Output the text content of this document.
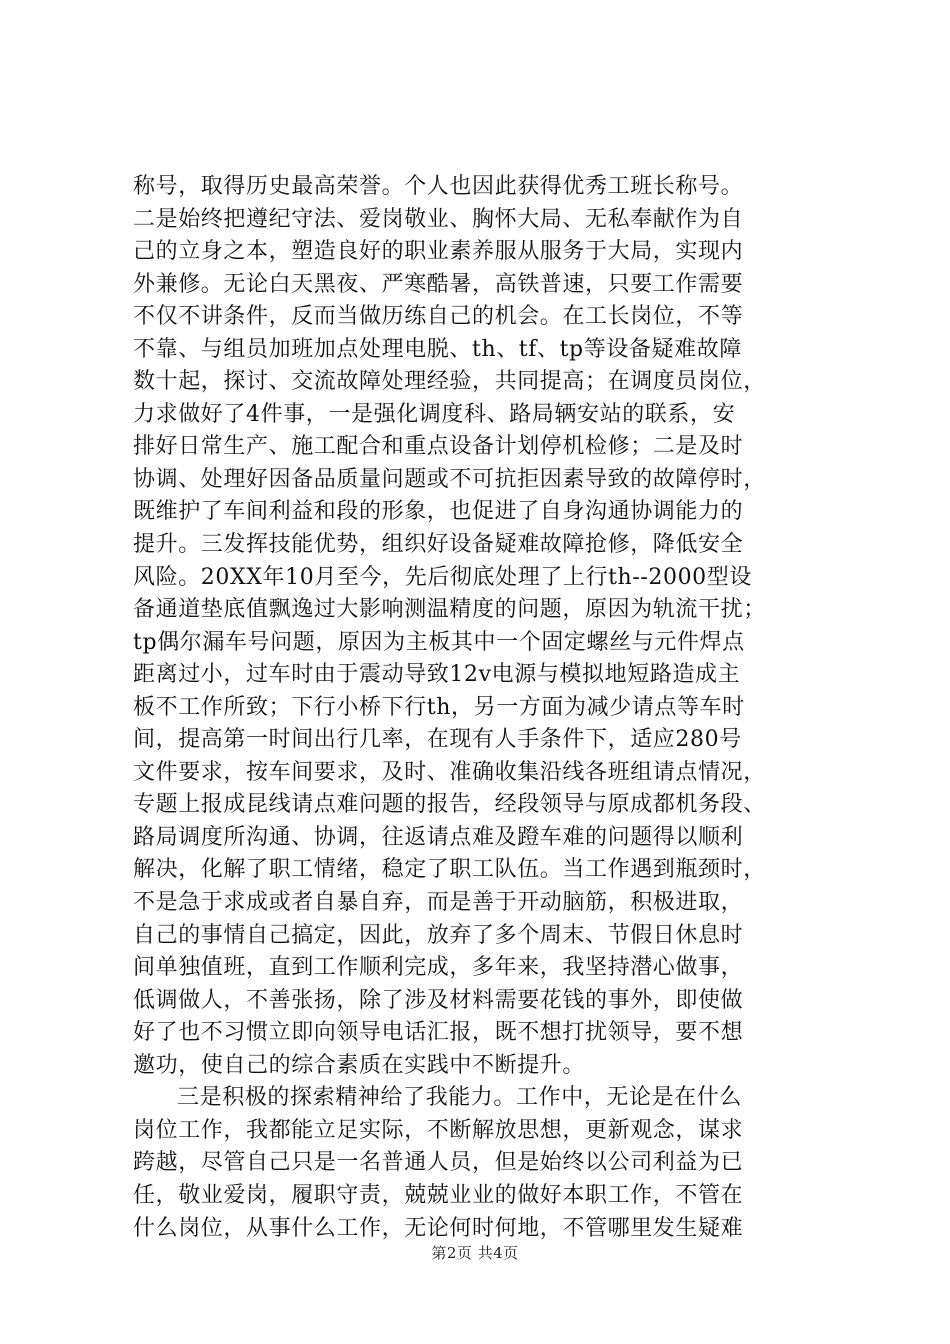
称号，取得历史最高荣誉。个人也因此获得优秀工班长称号。
二是始终把遵纪守法、爱岗敬业、胸怀大局、无私奉献作为自
己的立身之本，塑造良好的职业素养服从服务于大局，实现内
外兼修。无论白天黑夜、严寒酷暑，高铁普速，只要工作需要
不仅不讲条件，反而当做历练自己的机会。在工长岗位，不等
不靠、与组员加班加点处理电脱、th、tf、tp等设备疑难故障
数十起，探讨、交流故障处理经验，共同提高；在调度员岗位，
力求做好了4件事，一是强化调度科、路局辆安站的联系，安
排好日常生产、施工配合和重点设备计划停机检修；二是及时
协调、处理好因备品质量问题或不可抗拒因素导致的故障停时，
既维护了车间利益和段的形象，也促进了自身沟通协调能力的
提升。三发挥技能优势，组织好设备疑难故障抢修，降低安全
风险。20XX年10月至今，先后彻底处理了上行th--2000型设
备通道垫底值飘逸过大影响测温精度的问题，原因为轨流干扰；
tp偶尔漏车号问题，原因为主板其中一个固定螺丝与元件焊点
距离过小，过车时由于震动导致12v电源与模拟地短路造成主
板不工作所致；下行小桥下行th，另一方面为减少请点等车时
间，提高第一时间出行几率，在现有人手条件下，适应280号
文件要求，按车间要求，及时、准确收集沿线各班组请点情况，
专题上报成昆线请点难问题的报告，经段领导与原成都机务段、
路局调度所沟通、协调，往返请点难及蹬车难的问题得以顺利
解决，化解了职工情绪，稳定了职工队伍。当工作遇到瓶颈时，
不是急于求成或者自暴自弃，而是善于开动脑筋，积极进取，
自己的事情自己搞定，因此，放弃了多个周末、节假日休息时
间单独值班，直到工作顺利完成，多年来，我坚持潜心做事，
低调做人，不善张扬，除了涉及材料需要花钱的事外，即使做
好了也不习惯立即向领导电话汇报，既不想打扰领导，要不想
邀功，使自己的综合素质在实践中不断提升。
三是积极的探索精神给了我能力。工作中，无论是在什么
岗位工作，我都能立足实际，不断解放思想，更新观念，谋求
跨越，尽管自己只是一名普通人员，但是始终以公司利益为已
任，敬业爱岗，履职守责，兢兢业业的做好本职工作，不管在
什么岗位，从事什么工作，无论何时何地，不管哪里发生疑难
第2页 共4页
